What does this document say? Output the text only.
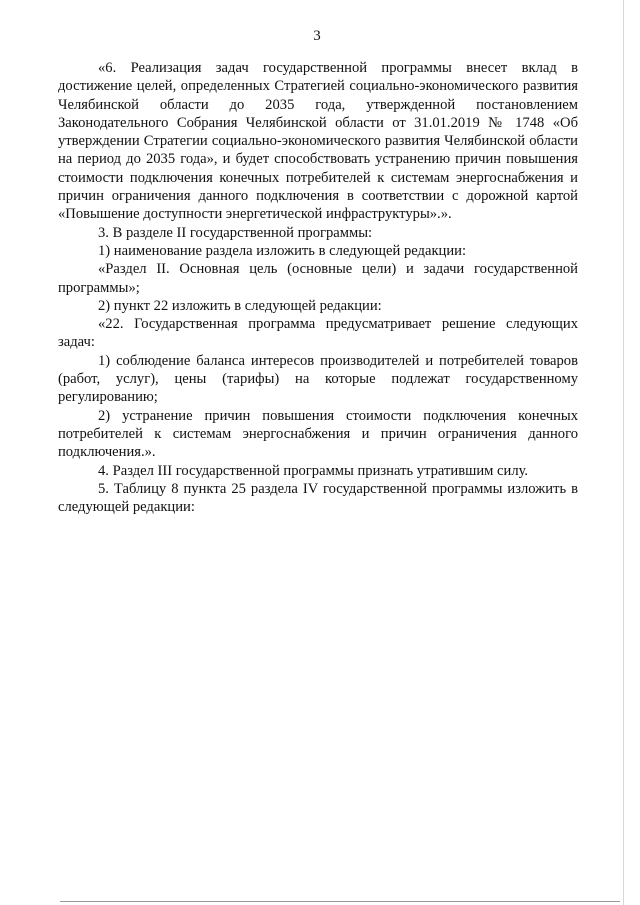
3

«6. Реализация задач государственной программы внесет вклад в достижение целей, определенных Стратегией социально-экономического развития Челябинской области до 2035 года, утвержденной постановлением Законодательного Собрания Челябинской области от 31.01.2019 № 1748 «Об утверждении Стратегии социально-экономического развития Челябинской области на период до 2035 года», и будет способствовать устранению причин повышения стоимости подключения конечных потребителей к системам энергоснабжения и причин ограничения данного подключения в соответствии с дорожной картой «Повышение доступности энергетической инфраструктуры».».

3. В разделе II государственной программы:

1) наименование раздела изложить в следующей редакции:

«Раздел II. Основная цель (основные цели) и задачи государственной программы»;

2) пункт 22 изложить в следующей редакции:

«22. Государственная программа предусматривает решение следующих задач:

1) соблюдение баланса интересов производителей и потребителей товаров (работ, услуг), цены (тарифы) на которые подлежат государственному регулированию;

2) устранение причин повышения стоимости подключения конечных потребителей к системам энергоснабжения и причин ограничения данного подключения.».

4. Раздел III государственной программы признать утратившим силу.

5. Таблицу 8 пункта 25 раздела IV государственной программы изложить в следующей редакции:
